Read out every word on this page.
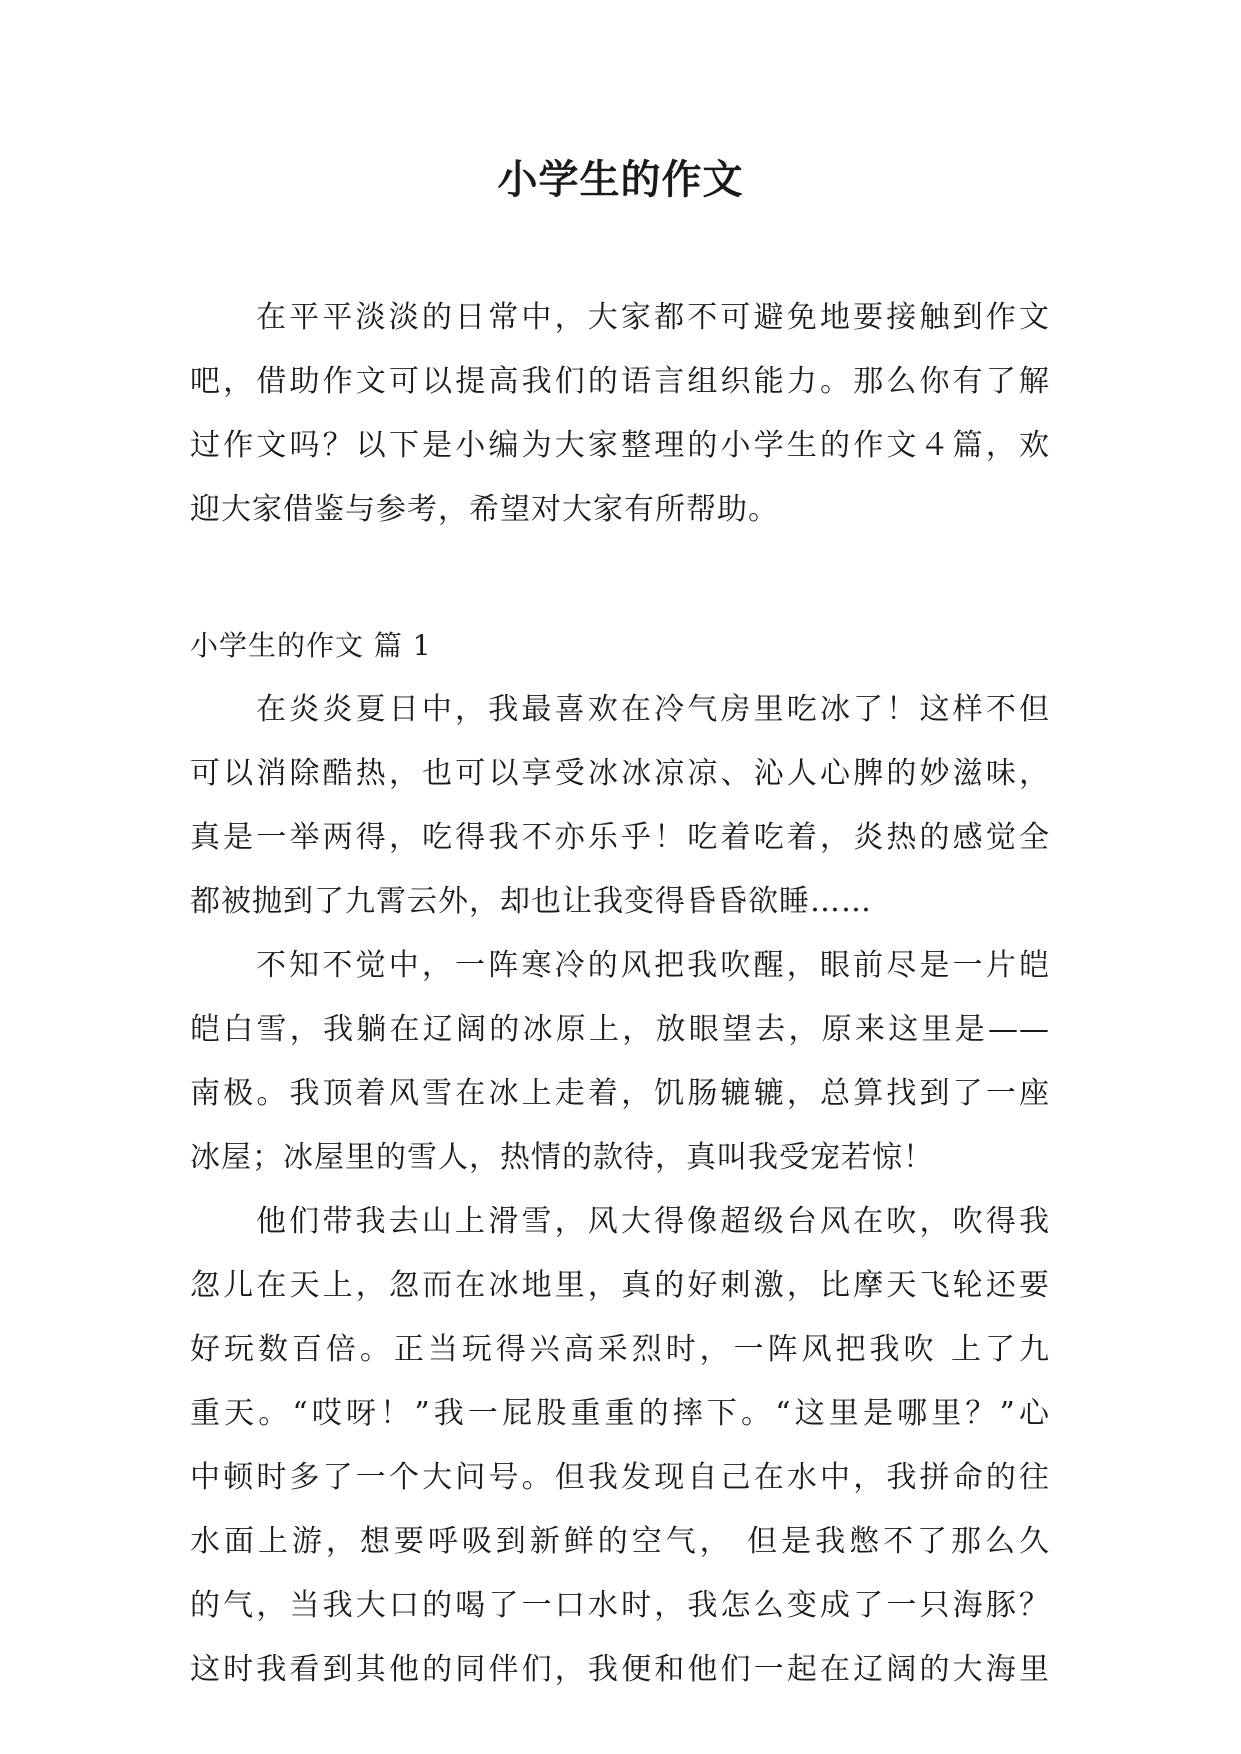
小学生的作文
在平平淡淡的日常中，大家都不可避免地要接触到作文
吧，借助作文可以提高我们的语言组织能力。那么你有了解
过作文吗？以下是小编为大家整理的小学生的作文４篇，欢
迎大家借鉴与参考，希望对大家有所帮助。
小学生的作文 篇 1
在炎炎夏日中，我最喜欢在冷气房里吃冰了！这样不但
可以消除酷热，也可以享受冰冰凉凉、沁人心脾的妙滋味，
真是一举两得，吃得我不亦乐乎！吃着吃着，炎热的感觉全
都被抛到了九霄云外，却也让我变得昏昏欲睡……
不知不觉中，一阵寒冷的风把我吹醒，眼前尽是一片皑
皑白雪，我躺在辽阔的冰原上，放眼望去，原来这里是——
南极。我顶着风雪在冰上走着，饥肠辘辘，总算找到了一座
冰屋；冰屋里的雪人，热情的款待，真叫我受宠若惊！
他们带我去山上滑雪，风大得像超级台风在吹，吹得我
忽儿在天上，忽而在冰地里，真的好刺激，比摩天飞轮还要
好玩数百倍。正当玩得兴高采烈时，一阵风把我吹 上了九
重天。“哎呀！”我一屁股重重的摔下。“这里是哪里？”心
中顿时多了一个大问号。但我发现自己在水中，我拼命的往
水面上游，想要呼吸到新鲜的空气， 但是我憋不了那么久
的气，当我大口的喝了一口水时，我怎么变成了一只海豚？
这时我看到其他的同伴们，我便和他们一起在辽阔的大海里
